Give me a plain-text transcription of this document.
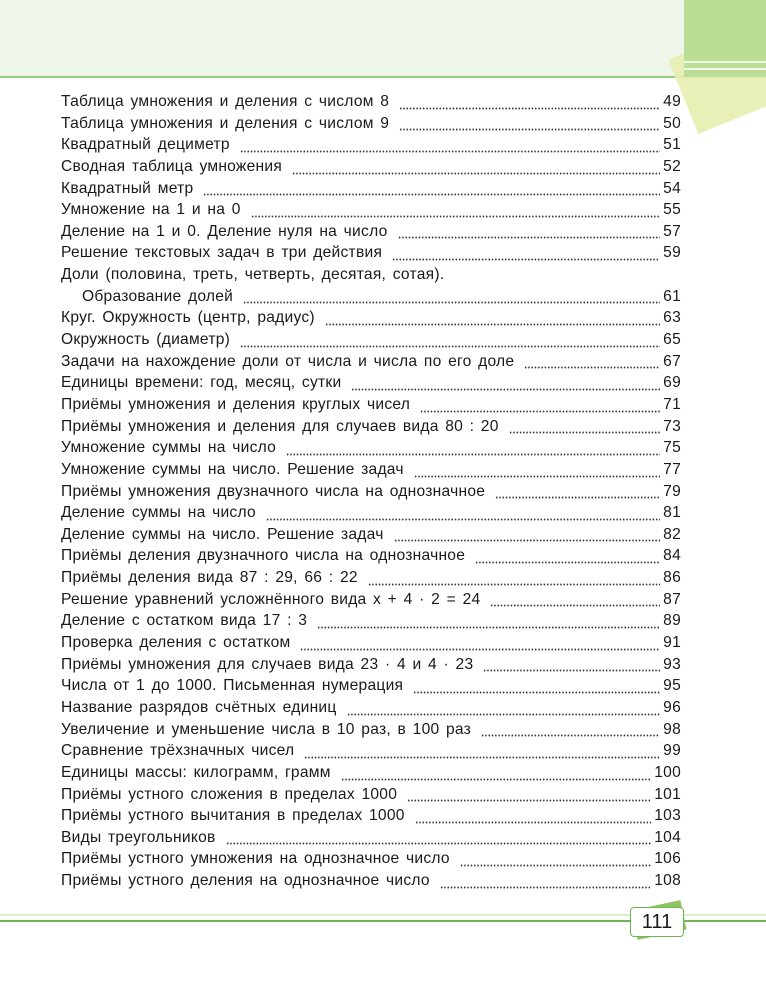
Таблица умножения и деления с числом 8	49
Таблица умножения и деления с числом 9	50
Квадратный дециметр	51
Сводная таблица умножения	52
Квадратный метр	54
Умножение на 1 и на 0	55
Деление на 1 и 0. Деление нуля на число	57
Решение текстовых задач в три действия	59
Доли (половина, треть, четверть, десятая, сотая).
Образование долей	61
Круг. Окружность (центр, радиус)	63
Окружность (диаметр)	65
Задачи на нахождение доли от числа и числа по его доле	67
Единицы времени: год, месяц, сутки	69
Приёмы умножения и деления круглых чисел	71
Приёмы умножения и деления для случаев вида 80 : 20	73
Умножение суммы на число	75
Умножение суммы на число. Решение задач	77
Приёмы умножения двузначного числа на однозначное	79
Деление суммы на число	81
Деление суммы на число. Решение задач	82
Приёмы деления двузначного числа на однозначное	84
Приёмы деления вида 87 : 29, 66 : 22	86
Решение уравнений усложнённого вида x + 4 · 2 = 24	87
Деление с остатком вида 17 : 3	89
Проверка деления с остатком	91
Приёмы умножения для случаев вида 23 · 4 и 4 · 23	93
Числа от 1 до 1000. Письменная нумерация	95
Название разрядов счётных единиц	96
Увеличение и уменьшение числа в 10 раз, в 100 раз	98
Сравнение трёхзначных чисел	99
Единицы массы: килограмм, грамм	100
Приёмы устного сложения в пределах 1000	101
Приёмы устного вычитания в пределах 1000	103
Виды треугольников	104
Приёмы устного умножения на однозначное число	106
Приёмы устного деления на однозначное число	108
111
